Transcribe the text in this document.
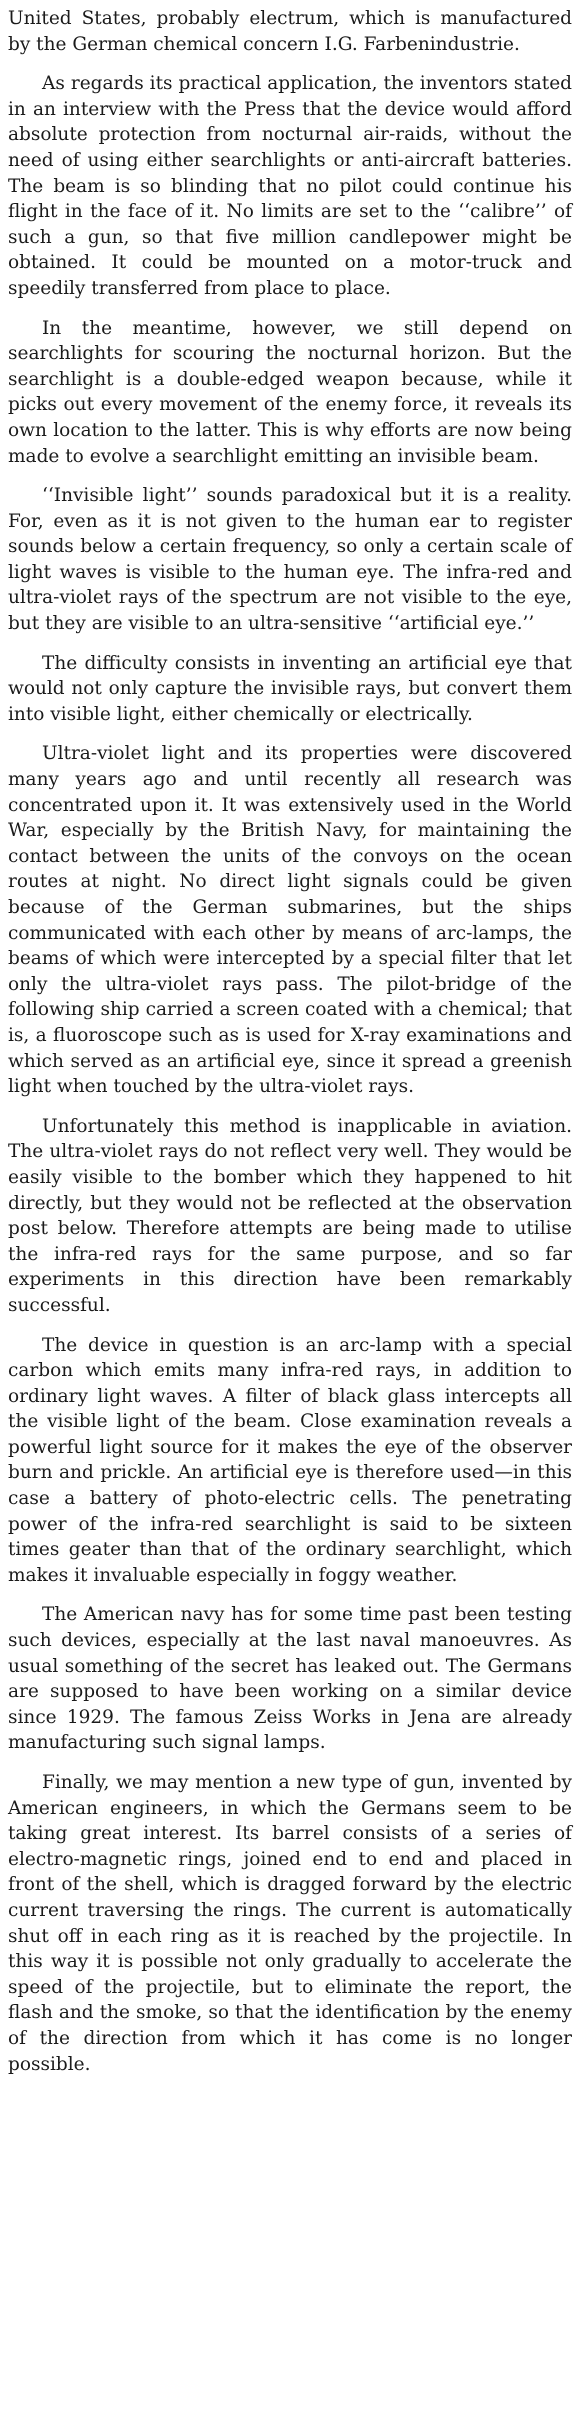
United States, probably electrum, which is manufactured by the German chemical concern I.G. Farbenindustrie.

As regards its practical application, the inventors stated in an interview with the Press that the device would afford absolute protection from nocturnal air-raids, without the need of using either searchlights or anti-aircraft batteries. The beam is so blinding that no pilot could continue his flight in the face of it. No limits are set to the ‘‘calibre’’ of such a gun, so that five million candlepower might be obtained. It could be mounted on a motor-truck and speedily transferred from place to place.

In the meantime, however, we still depend on searchlights for scouring the nocturnal horizon. But the searchlight is a double-edged weapon because, while it picks out every movement of the enemy force, it reveals its own location to the latter. This is why efforts are now being made to evolve a searchlight emitting an invisible beam.

‘‘Invisible light’’ sounds paradoxical but it is a reality. For, even as it is not given to the human ear to register sounds below a certain frequency, so only a certain scale of light waves is visible to the human eye. The infra-red and ultra-violet rays of the spectrum are not visible to the eye, but they are visible to an ultra-sensitive ‘‘artificial eye.’’

The difficulty consists in inventing an artificial eye that would not only capture the invisible rays, but convert them into visible light, either chemically or electrically.

Ultra-violet light and its properties were discovered many years ago and until recently all research was concentrated upon it. It was extensively used in the World War, especially by the British Navy, for maintaining the contact between the units of the convoys on the ocean routes at night. No direct light signals could be given because of the German submarines, but the ships communicated with each other by means of arc-lamps, the beams of which were intercepted by a special filter that let only the ultra-violet rays pass. The pilot-bridge of the following ship carried a screen coated with a chemical; that is, a fluoroscope such as is used for X-ray examinations and which served as an artificial eye, since it spread a greenish light when touched by the ultra-violet rays.

Unfortunately this method is inapplicable in aviation. The ultra-violet rays do not reflect very well. They would be easily visible to the bomber which they happened to hit directly, but they would not be reflected at the observation post below. Therefore attempts are being made to utilise the infra-red rays for the same purpose, and so far experiments in this direction have been remarkably successful.

The device in question is an arc-lamp with a special carbon which emits many infra-red rays, in addition to ordinary light waves. A filter of black glass intercepts all the visible light of the beam. Close examination reveals a powerful light source for it makes the eye of the observer burn and prickle. An artificial eye is therefore used—in this case a battery of photo-electric cells. The penetrating power of the infra-red searchlight is said to be sixteen times geater than that of the ordinary searchlight, which makes it invaluable especially in foggy weather.

The American navy has for some time past been testing such devices, especially at the last naval manoeuvres. As usual something of the secret has leaked out. The Germans are supposed to have been working on a similar device since 1929. The famous Zeiss Works in Jena are already manufacturing such signal lamps.

Finally, we may mention a new type of gun, invented by American engineers, in which the Germans seem to be taking great interest. Its barrel consists of a series of electro-magnetic rings, joined end to end and placed in front of the shell, which is dragged forward by the electric current traversing the rings. The current is automatically shut off in each ring as it is reached by the projectile. In this way it is possible not only gradually to accelerate the speed of the projectile, but to eliminate the report, the flash and the smoke, so that the identification by the enemy of the direction from which it has come is no longer possible.
